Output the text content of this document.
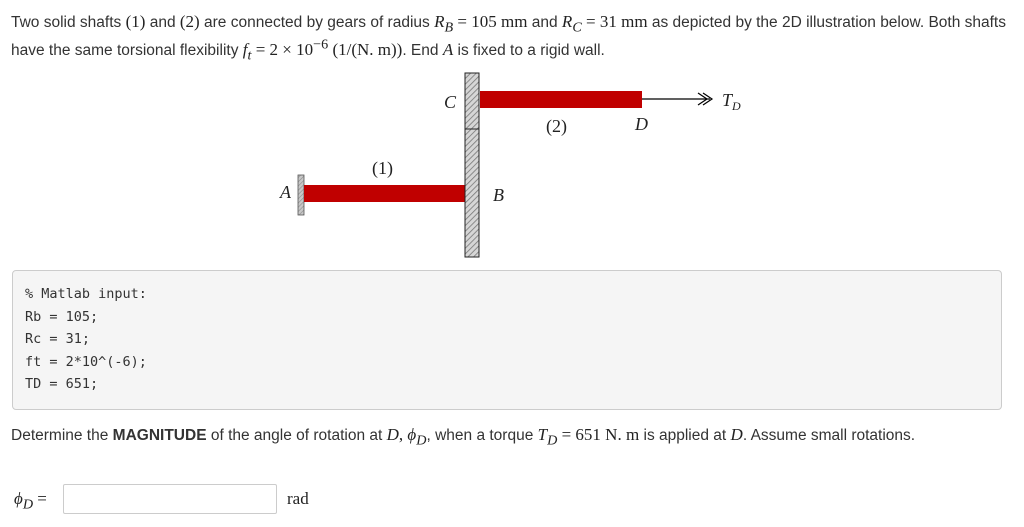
Two solid shafts (1) and (2) are connected by gears of radius $R_B = 105$ mm and $R_C = 31$ mm as depicted by the 2D illustration below. Both shafts have the same torsional flexibility $f_t = 2 \times 10^{-6}$ (1/(N. m)). End A is fixed to a rigid wall.

A
(1)
B
C
(2)	D
$T_D$
% Matlab input:
Rb = 105;
Rc = 31;
ft = 2*10^(-6);
TD = 651;

Determine the MAGNITUDE of the angle of rotation at D, $\phi_D$, when a torque $T_D = 651$ N. m is applied at D. Assume small rotations.

$\phi_D$ =	rad
